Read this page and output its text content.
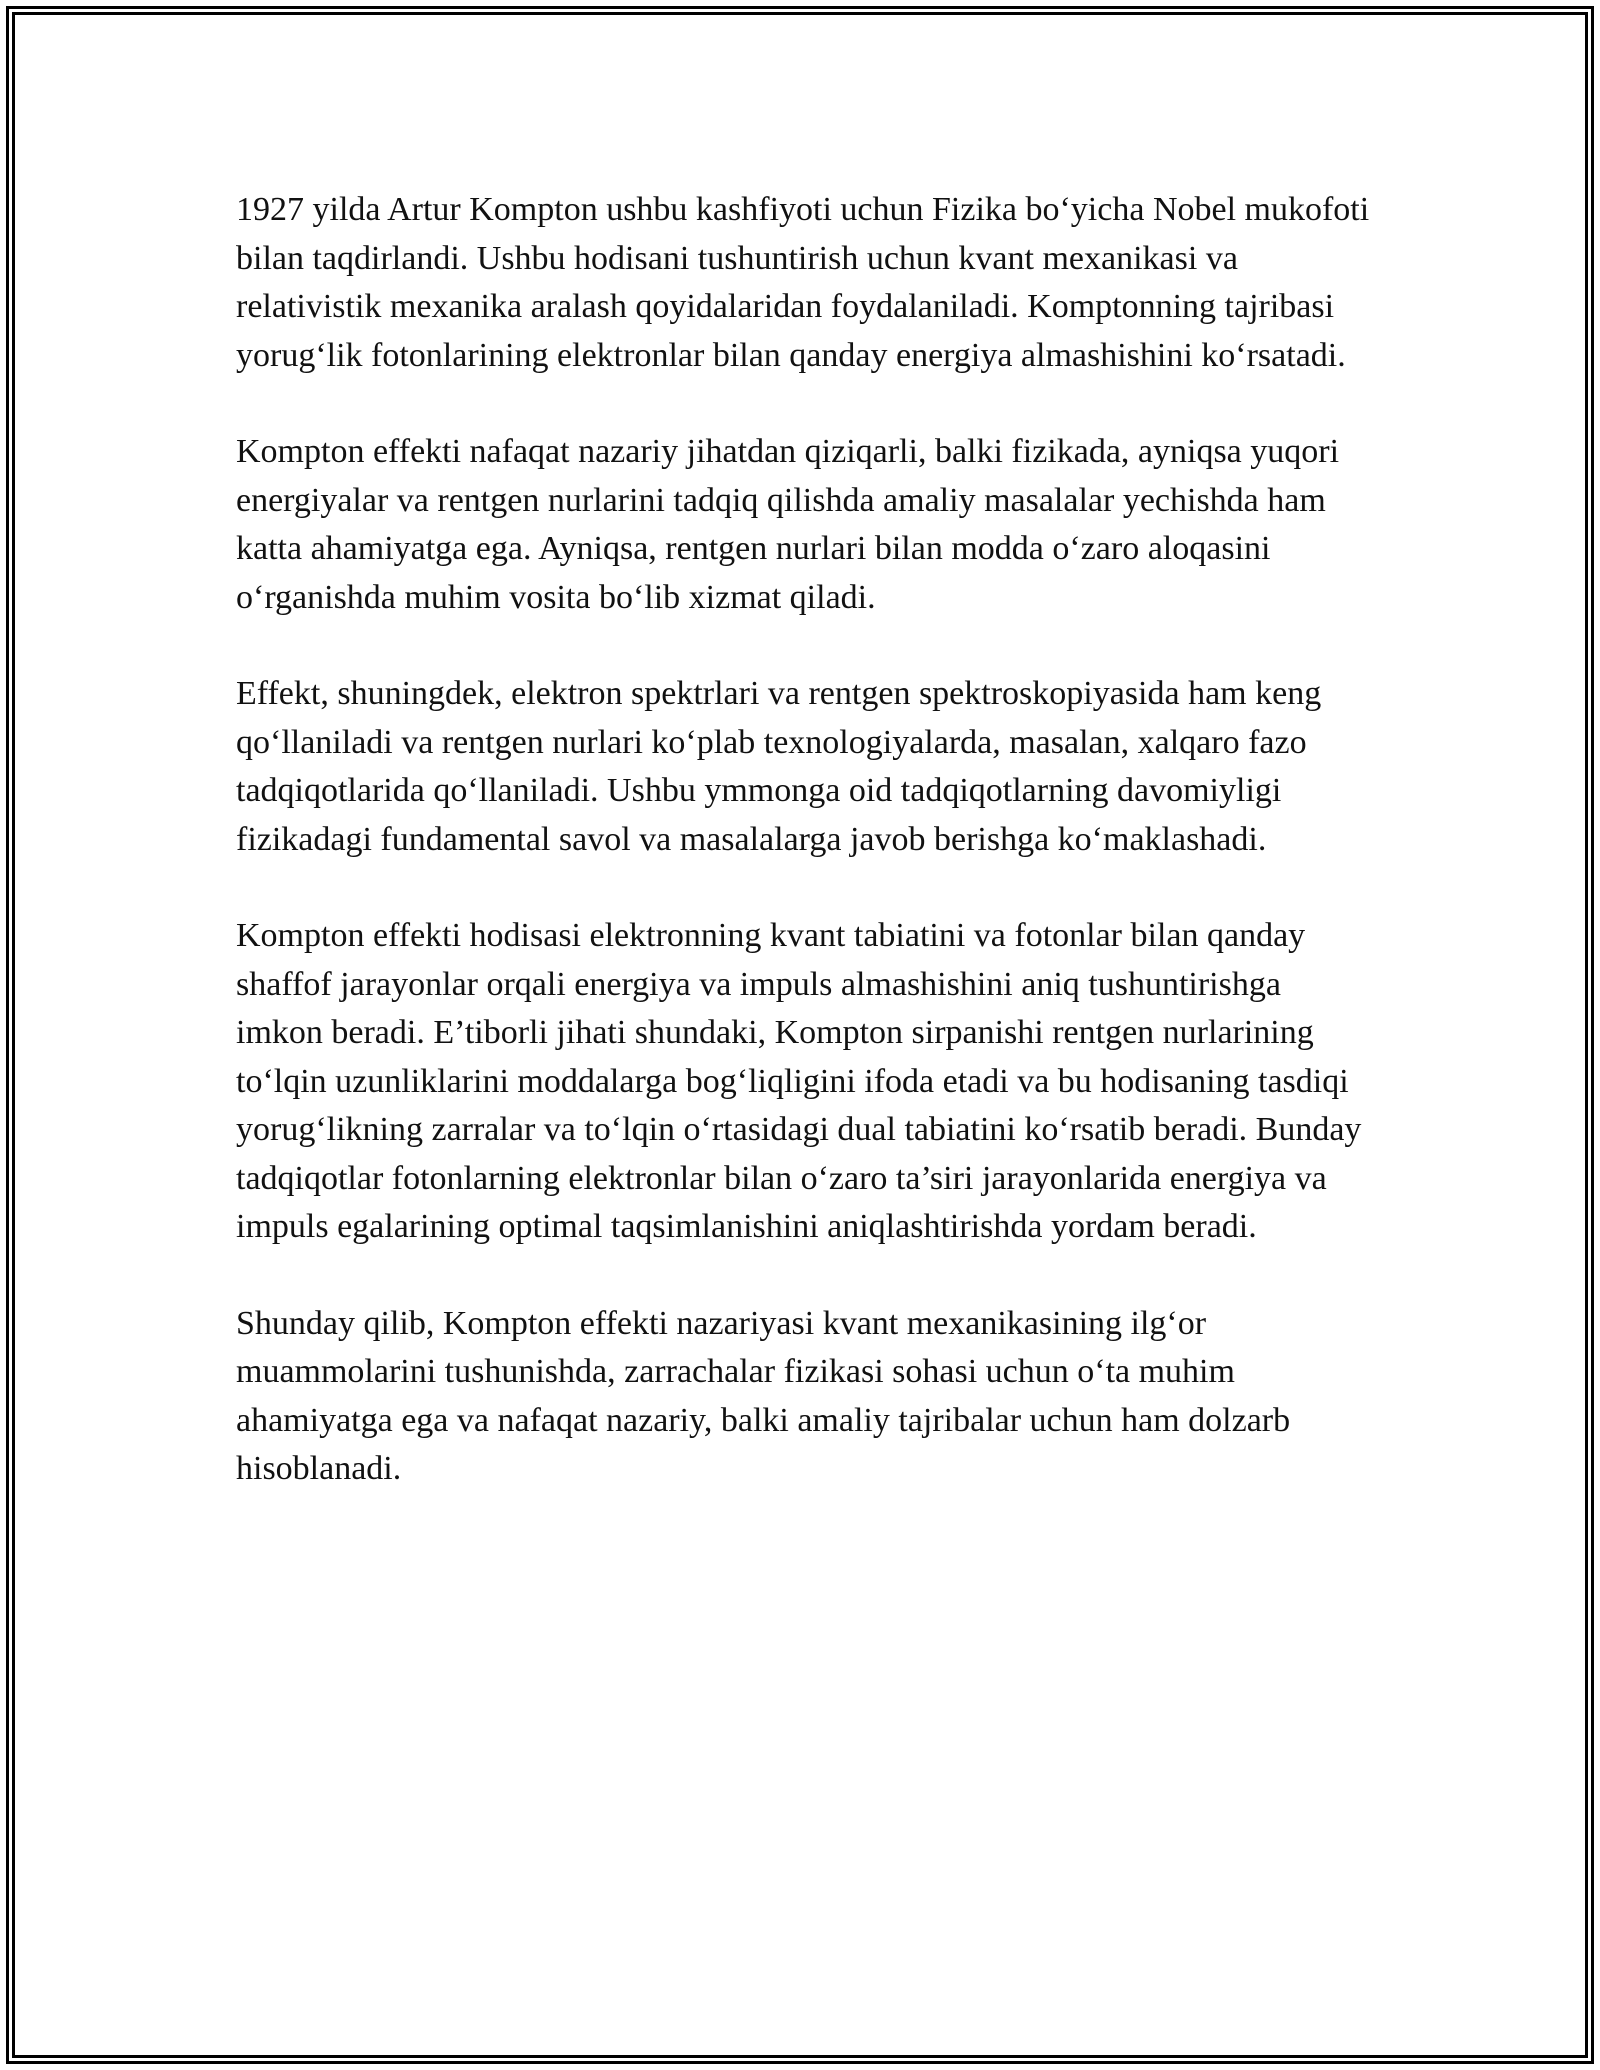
1927 yilda Artur Kompton ushbu kashfiyoti uchun Fizika bo‘yicha Nobel mukofoti bilan taqdirlandi. Ushbu hodisani tushuntirish uchun kvant mexanikasi va relativistik mexanika aralash qoyidalaridan foydalaniladi. Komptonning tajribasi yorug‘lik fotonlarining elektronlar bilan qanday energiya almashishini ko‘rsatadi.

Kompton effekti nafaqat nazariy jihatdan qiziqarli, balki fizikada, ayniqsa yuqori energiyalar va rentgen nurlarini tadqiq qilishda amaliy masalalar yechishda ham katta ahamiyatga ega. Ayniqsa, rentgen nurlari bilan modda o‘zaro aloqasini o‘rganishda muhim vosita bo‘lib xizmat qiladi.

Effekt, shuningdek, elektron spektrlari va rentgen spektroskopiyasida ham keng qo‘llaniladi va rentgen nurlari ko‘plab texnologiyalarda, masalan, xalqaro fazo tadqiqotlarida qo‘llaniladi. Ushbu ymmonga oid tadqiqotlarning davomiyligi fizikadagi fundamental savol va masalalarga javob berishga ko‘maklashadi.

Kompton effekti hodisasi elektronning kvant tabiatini va fotonlar bilan qanday shaffof jarayonlar orqali energiya va impuls almashishini aniq tushuntirishga imkon beradi. E’tiborli jihati shundaki, Kompton sirpanishi rentgen nurlarining to‘lqin uzunliklarini moddalarga bog‘liqligini ifoda etadi va bu hodisaning tasdiqi yorug‘likning zarralar va to‘lqin o‘rtasidagi dual tabiatini ko‘rsatib beradi. Bunday tadqiqotlar fotonlarning elektronlar bilan o‘zaro ta’siri jarayonlarida energiya va impuls egalarining optimal taqsimlanishini aniqlashtirishda yordam beradi.

Shunday qilib, Kompton effekti nazariyasi kvant mexanikasining ilg‘or muammolarini tushunishda, zarrachalar fizikasi sohasi uchun o‘ta muhim ahamiyatga ega va nafaqat nazariy, balki amaliy tajribalar uchun ham dolzarb hisoblanadi.
